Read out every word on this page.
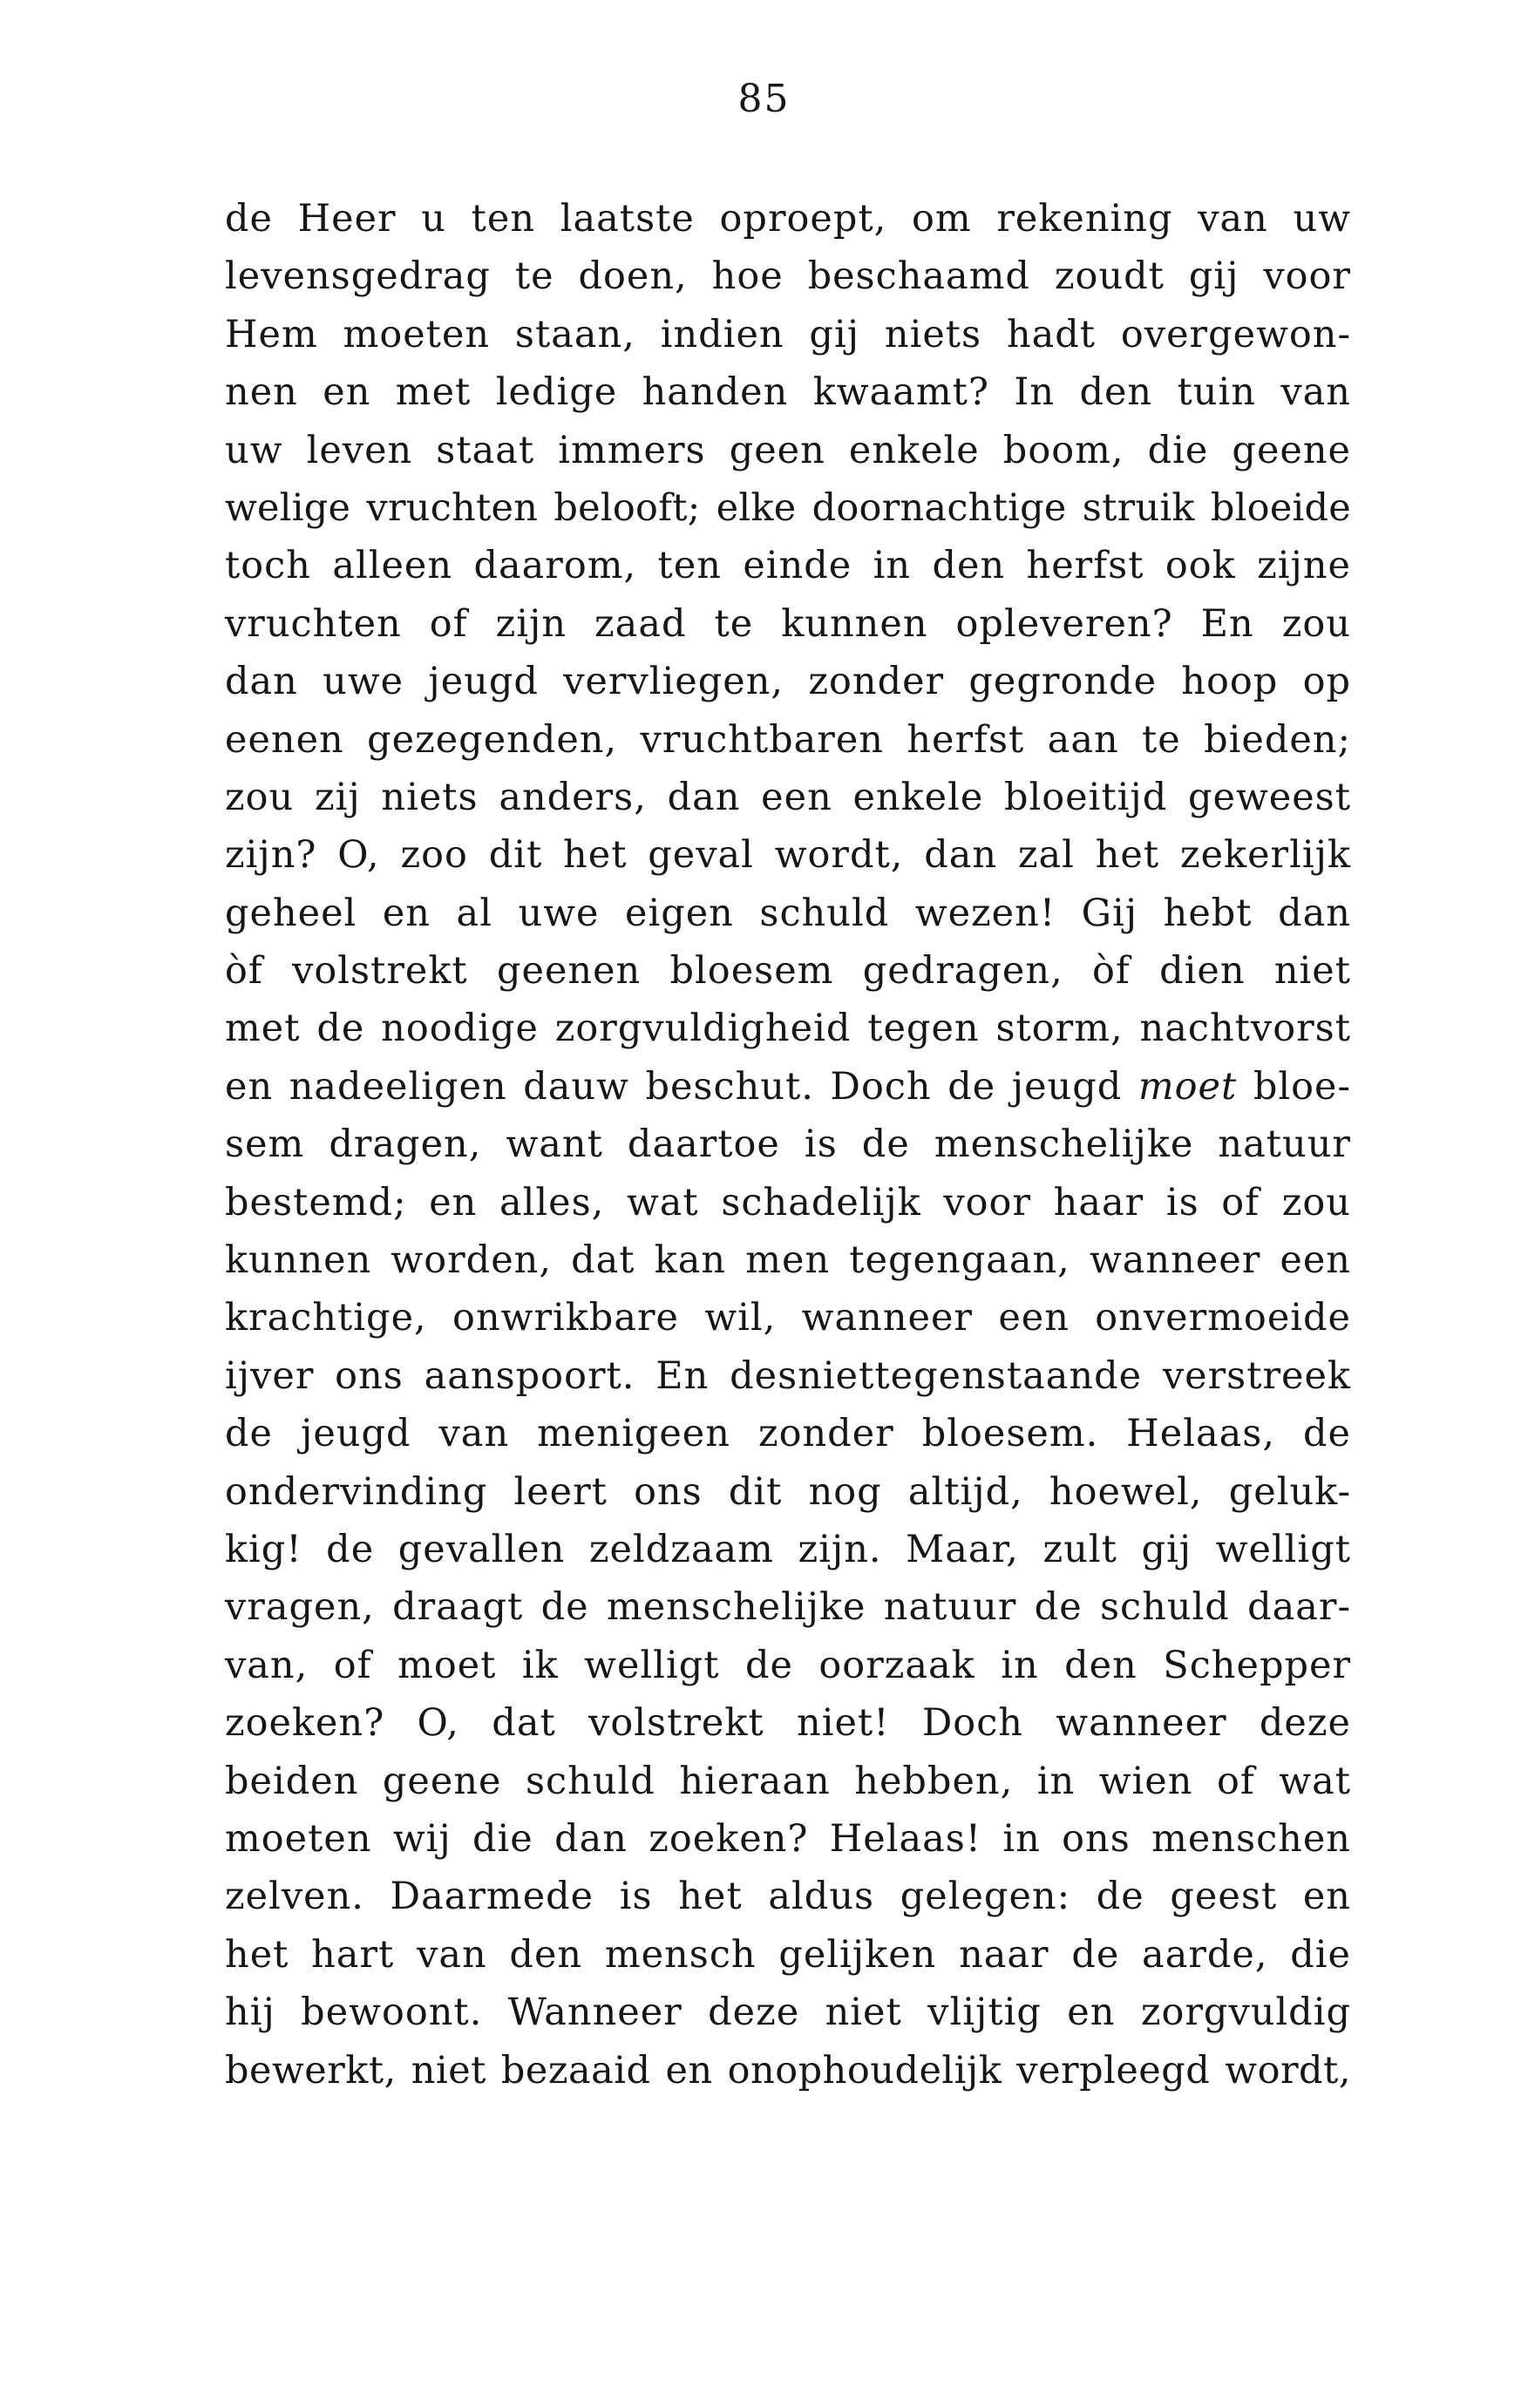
85
de Heer u ten laatste oproept, om rekening van uw
levensgedrag te doen, hoe beschaamd zoudt gij voor
Hem moeten staan, indien gij niets hadt overgewon-
nen en met ledige handen kwaamt? In den tuin van
uw leven staat immers geen enkele boom, die geene
welige vruchten belooft; elke doornachtige struik bloeide
toch alleen daarom, ten einde in den herfst ook zijne
vruchten of zijn zaad te kunnen opleveren? En zou
dan uwe jeugd vervliegen, zonder gegronde hoop op
eenen gezegenden, vruchtbaren herfst aan te bieden;
zou zij niets anders, dan een enkele bloeitijd geweest
zijn? O, zoo dit het geval wordt, dan zal het zekerlijk
geheel en al uwe eigen schuld wezen! Gij hebt dan
òf volstrekt geenen bloesem gedragen, òf dien niet
met de noodige zorgvuldigheid tegen storm, nachtvorst
en nadeeligen dauw beschut. Doch de jeugd moet bloe-
sem dragen, want daartoe is de menschelijke natuur
bestemd; en alles, wat schadelijk voor haar is of zou
kunnen worden, dat kan men tegengaan, wanneer een
krachtige, onwrikbare wil, wanneer een onvermoeide
ijver ons aanspoort. En desniettegenstaande verstreek
de jeugd van menigeen zonder bloesem. Helaas, de
ondervinding leert ons dit nog altijd, hoewel, geluk-
kig! de gevallen zeldzaam zijn. Maar, zult gij welligt
vragen, draagt de menschelijke natuur de schuld daar-
van, of moet ik welligt de oorzaak in den Schepper
zoeken? O, dat volstrekt niet! Doch wanneer deze
beiden geene schuld hieraan hebben, in wien of wat
moeten wij die dan zoeken? Helaas! in ons menschen
zelven. Daarmede is het aldus gelegen: de geest en
het hart van den mensch gelijken naar de aarde, die
hij bewoont. Wanneer deze niet vlijtig en zorgvuldig
bewerkt, niet bezaaid en onophoudelijk verpleegd wordt,
